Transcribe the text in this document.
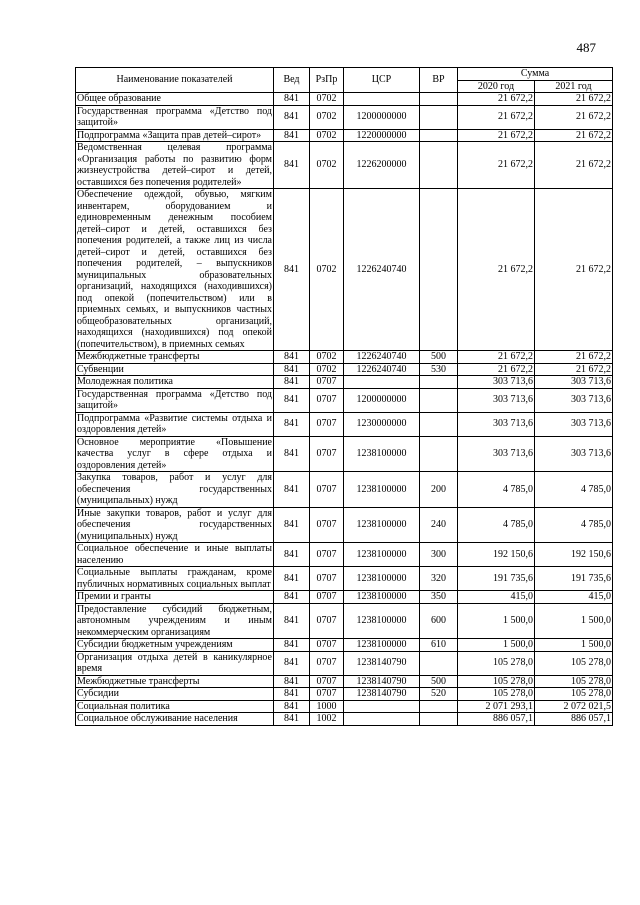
487
Наименование показателей	Вед	РзПр	ЦСР	ВР	Сумма	
					2020 год	2021 год
Общее образование	841	0702			21 672,2	21 672,2
Государственная программа «Детство под защитой»	841	0702	1200000000		21 672,2	21 672,2
Подпрограмма «Защита прав детей–сирот»	841	0702	1220000000		21 672,2	21 672,2
Ведомственная целевая программа «Организация работы по развитию форм жизнеустройства детей–сирот и детей, оставшихся без попечения родителей»	841	0702	1226200000		21 672,2	21 672,2
Обеспечение одеждой, обувью, мягким инвентарем, оборудованием и единовременным денежным пособием детей–сирот и детей, оставшихся без попечения родителей, а также лиц из числа детей–сирот и детей, оставшихся без попечения родителей, – выпускников муниципальных образовательных организаций, находящихся (находившихся) под опекой (попечительством) или в приемных семьях, и выпускников частных общеобразовательных организаций, находящихся (находившихся) под опекой (попечительством), в приемных семьях	841	0702	1226240740		21 672,2	21 672,2
Межбюджетные трансферты	841	0702	1226240740	500	21 672,2	21 672,2
Субвенции	841	0702	1226240740	530	21 672,2	21 672,2
Молодежная политика	841	0707			303 713,6	303 713,6
Государственная программа «Детство под защитой»	841	0707	1200000000		303 713,6	303 713,6
Подпрограмма «Развитие системы отдыха и оздоровления детей»	841	0707	1230000000		303 713,6	303 713,6
Основное мероприятие «Повышение качества услуг в сфере отдыха и оздоровления детей»	841	0707	1238100000		303 713,6	303 713,6
Закупка товаров, работ и услуг для обеспечения государственных (муниципальных) нужд	841	0707	1238100000	200	4 785,0	4 785,0
Иные закупки товаров, работ и услуг для обеспечения государственных (муниципальных) нужд	841	0707	1238100000	240	4 785,0	4 785,0
Социальное обеспечение и иные выплаты населению	841	0707	1238100000	300	192 150,6	192 150,6
Социальные выплаты гражданам, кроме публичных нормативных социальных выплат	841	0707	1238100000	320	191 735,6	191 735,6
Премии и гранты	841	0707	1238100000	350	415,0	415,0
Предоставление субсидий бюджетным, автономным учреждениям и иным некоммерческим организациям	841	0707	1238100000	600	1 500,0	1 500,0
Субсидии бюджетным учреждениям	841	0707	1238100000	610	1 500,0	1 500,0
Организация отдыха детей в каникулярное время	841	0707	1238140790		105 278,0	105 278,0
Межбюджетные трансферты	841	0707	1238140790	500	105 278,0	105 278,0
Субсидии	841	0707	1238140790	520	105 278,0	105 278,0
Социальная политика	841	1000			2 071 293,1	2 072 021,5
Социальное обслуживание населения	841	1002			886 057,1	886 057,1
